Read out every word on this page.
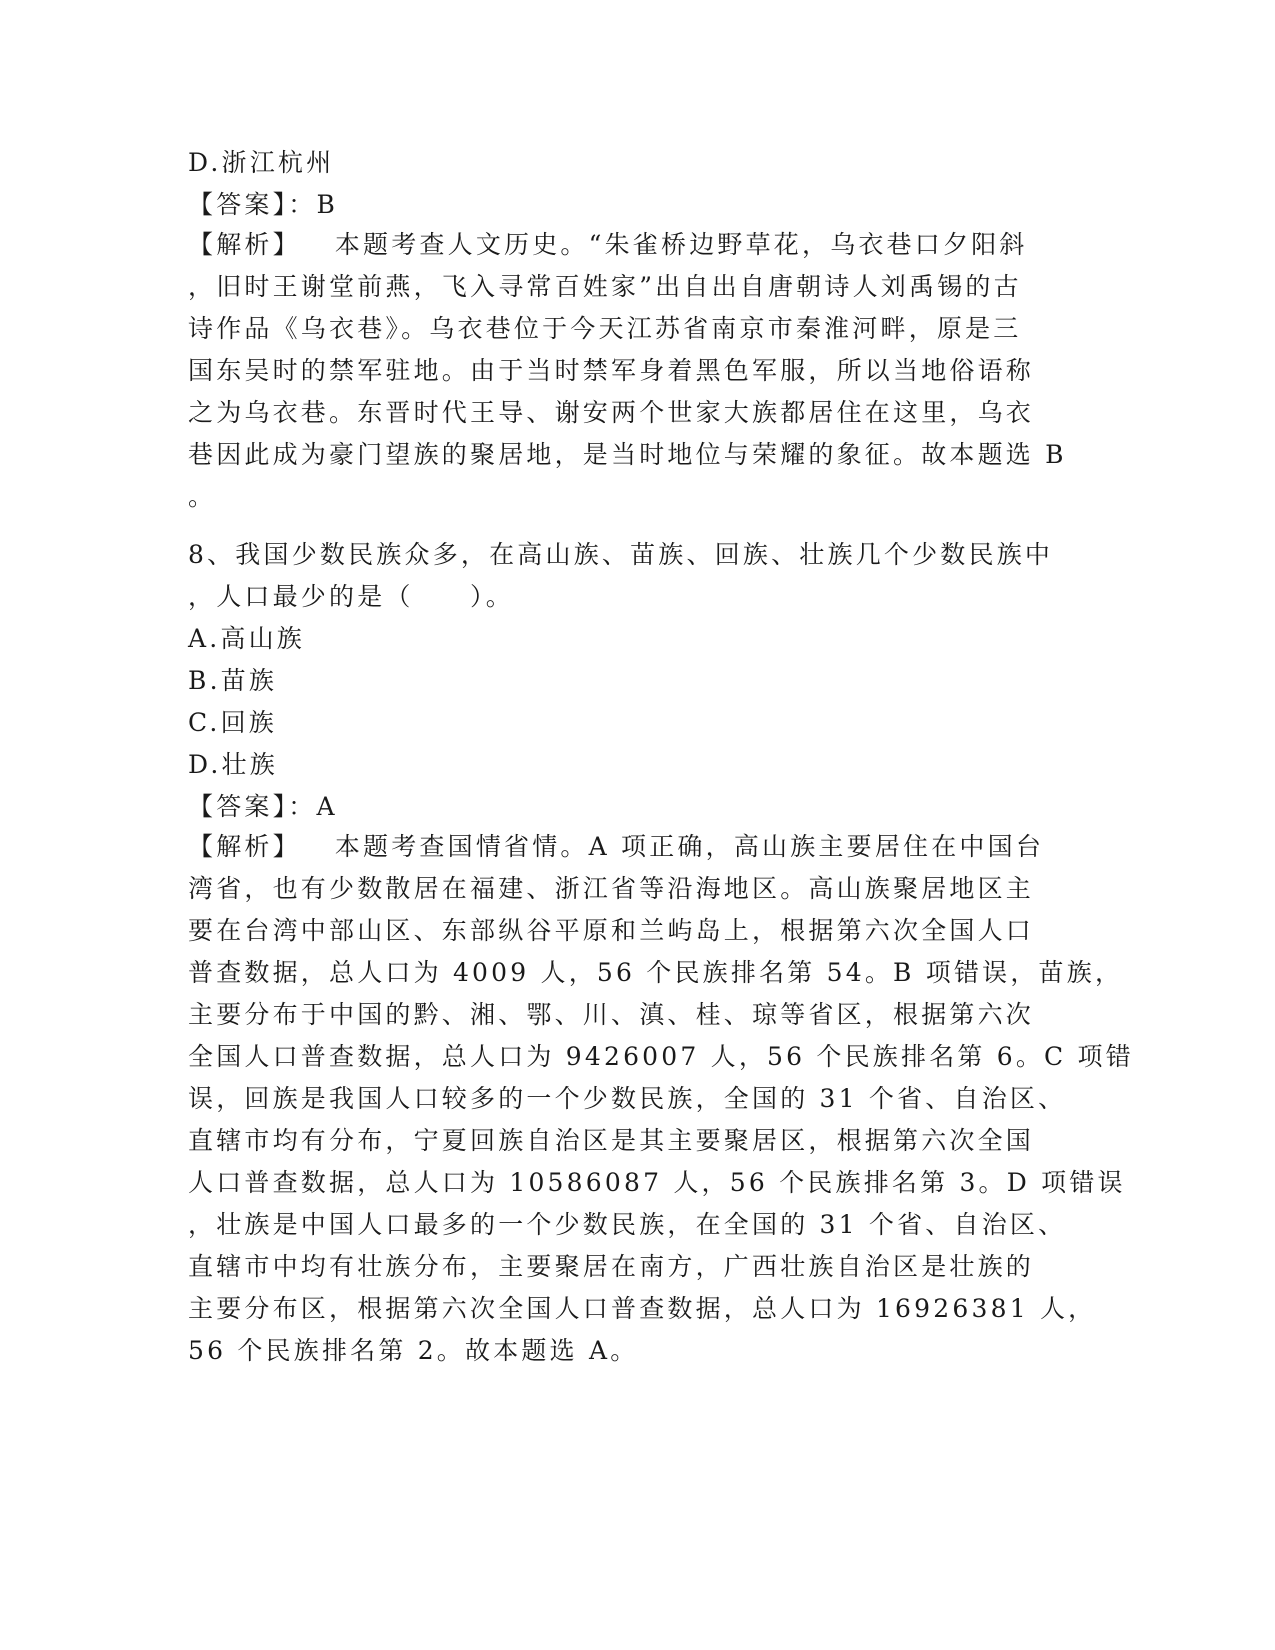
D.浙江杭州
【答案】：B
【解析】 本题考查人文历史。“朱雀桥边野草花，乌衣巷口夕阳斜
，旧时王谢堂前燕，飞入寻常百姓家”出自出自唐朝诗人刘禹锡的古
诗作品《乌衣巷》。乌衣巷位于今天江苏省南京市秦淮河畔，原是三
国东吴时的禁军驻地。由于当时禁军身着黑色军服，所以当地俗语称
之为乌衣巷。东晋时代王导、谢安两个世家大族都居住在这里，乌衣
巷因此成为豪门望族的聚居地，是当时地位与荣耀的象征。故本题选 B
。
8、我国少数民族众多，在高山族、苗族、回族、壮族几个少数民族中
，人口最少的是（　　）。
A.高山族
B.苗族
C.回族
D.壮族
【答案】：A
【解析】 本题考查国情省情。A 项正确，高山族主要居住在中国台
湾省，也有少数散居在福建、浙江省等沿海地区。高山族聚居地区主
要在台湾中部山区、东部纵谷平原和兰屿岛上，根据第六次全国人口
普查数据，总人口为 4009 人，56 个民族排名第 54。B 项错误，苗族，
主要分布于中国的黔、湘、鄂、川、滇、桂、琼等省区，根据第六次
全国人口普查数据，总人口为 9426007 人，56 个民族排名第 6。C 项错
误，回族是我国人口较多的一个少数民族，全国的 31 个省、自治区、
直辖市均有分布，宁夏回族自治区是其主要聚居区，根据第六次全国
人口普查数据，总人口为 10586087 人，56 个民族排名第 3。D 项错误
，壮族是中国人口最多的一个少数民族，在全国的 31 个省、自治区、
直辖市中均有壮族分布，主要聚居在南方，广西壮族自治区是壮族的
主要分布区，根据第六次全国人口普查数据，总人口为 16926381 人，
56 个民族排名第 2。故本题选 A。
